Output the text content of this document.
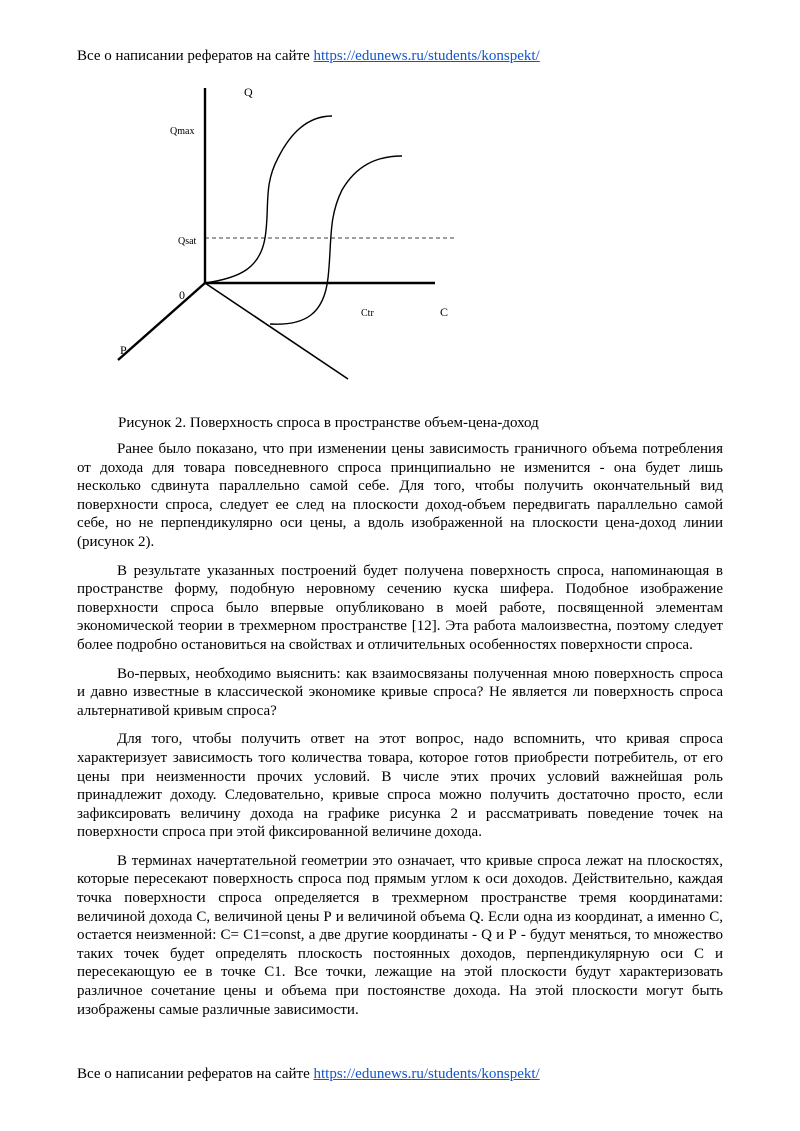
Все о написании рефератов на сайте https://edunews.ru/students/konspekt/
Q
Qmax
Qsat
0
Ctr	C
P
Рисунок 2. Поверхность спроса в пространстве объем-цена-доход

Ранее было показано, что при изменении цены зависимость граничного объема потребления от дохода для товара повседневного спроса принципиально не изменится - она будет лишь несколько сдвинута параллельно самой себе. Для того, чтобы получить окончательный вид поверхности спроса, следует ее след на плоскости доход-объем передвигать параллельно самой себе, но не перпендикулярно оси цены, а вдоль изображенной на плоскости цена-доход линии (рисунок 2).

В результате указанных построений будет получена поверхность спроса, напоминающая в пространстве форму, подобную неровному сечению куска шифера. Подобное изображение поверхности спроса было впервые опубликовано в моей работе, посвященной элементам экономической теории в трехмерном пространстве [12]. Эта работа малоизвестна, поэтому следует более подробно остановиться на свойствах и отличительных особенностях поверхности спроса.

Во-первых, необходимо выяснить: как взаимосвязаны полученная мною поверхность спроса и давно известные в классической экономике кривые спроса? Не является ли поверхность спроса альтернативой кривым спроса?

Для того, чтобы получить ответ на этот вопрос, надо вспомнить, что кривая спроса характеризует зависимость того количества товара, которое готов приобрести потребитель, от его цены при неизменности прочих условий. В числе этих прочих условий важнейшая роль принадлежит доходу. Следовательно, кривые спроса можно получить достаточно просто, если зафиксировать величину дохода на графике рисунка 2 и рассматривать поведение точек на поверхности спроса при этой фиксированной величине дохода.

В терминах начертательной геометрии это означает, что кривые спроса лежат на плоскостях, которые пересекают поверхность спроса под прямым углом к оси доходов. Действительно, каждая точка поверхности спроса определяется в трехмерном пространстве тремя координатами: величиной дохода С, величиной цены Р и величиной объема Q. Если одна из координат, а именно С, остается неизменной: С= С1=const, а две другие координаты - Q и Р - будут меняться, то множество таких точек будет определять плоскость постоянных доходов, перпендикулярную оси С и пересекающую ее в точке С1. Все точки, лежащие на этой плоскости будут характеризовать различное сочетание цены и объема при постоянстве дохода. На этой плоскости могут быть изображены самые различные зависимости.

Все о написании рефератов на сайте https://edunews.ru/students/konspekt/
